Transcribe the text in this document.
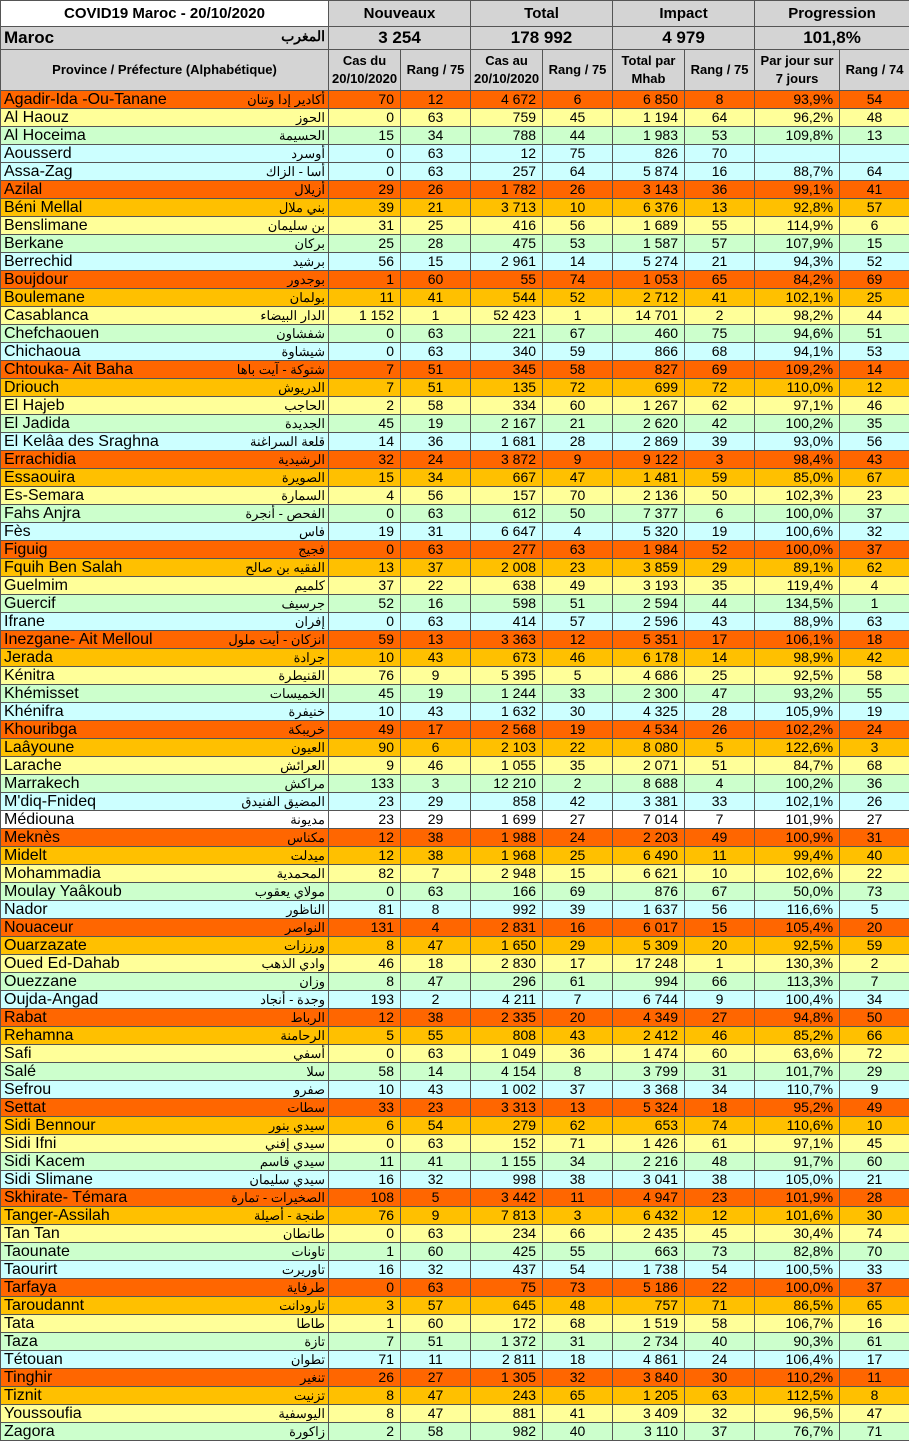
COVID19 Maroc - 20/10/2020	Nouveaux		Total		Impact		Progression	
Maroc المغرب	3 254		178 992		4 979		101,8%	
Province / Préfecture (Alphabétique)	Cas du 20/10/2020	Rang / 75	Cas au 20/10/2020	Rang / 75	Total par Mhab	Rang / 75	Par jour sur 7 jours	Rang / 74

Agadir-Ida -Ou-Tanane أكادير إدا وتنان	70	12	4 672	6	6 850	8	93,9%	54

Al Haouz الحوز	0	63	759	45	1 194	64	96,2%	48

Al Hoceima الحسيمة	15	34	788	44	1 983	53	109,8%	13

Aousserd أوسرد	0	63	12	75	826	70		

Assa-Zag أسا - الزاك	0	63	257	64	5 874	16	88,7%	64

Azilal أزيلال	29	26	1 782	26	3 143	36	99,1%	41

Béni Mellal بني ملال	39	21	3 713	10	6 376	13	92,8%	57

Benslimane بن سليمان	31	25	416	56	1 689	55	114,9%	6

Berkane بركان	25	28	475	53	1 587	57	107,9%	15

Berrechid برشيد	56	15	2 961	14	5 274	21	94,3%	52

Boujdour بوجدور	1	60	55	74	1 053	65	84,2%	69

Boulemane بولمان	11	41	544	52	2 712	41	102,1%	25

Casablanca الدار البيضاء	1 152	1	52 423	1	14 701	2	98,2%	44

Chefchaouen شفشاون	0	63	221	67	460	75	94,6%	51

Chichaoua شيشاوة	0	63	340	59	866	68	94,1%	53

Chtouka- Ait Baha شتوكة - آيت باها	7	51	345	58	827	69	109,2%	14

Driouch الدريوش	7	51	135	72	699	72	110,0%	12

El Hajeb الحاجب	2	58	334	60	1 267	62	97,1%	46

El Jadida الجديدة	45	19	2 167	21	2 620	42	100,2%	35

El Kelâa des Sraghna قلعة السراغنة	14	36	1 681	28	2 869	39	93,0%	56

Errachidia الرشيدية	32	24	3 872	9	9 122	3	98,4%	43

Essaouira الصويرة	15	34	667	47	1 481	59	85,0%	67

Es-Semara السمارة	4	56	157	70	2 136	50	102,3%	23

Fahs Anjra الفحص - أنجرة	0	63	612	50	7 377	6	100,0%	37

Fès فاس	19	31	6 647	4	5 320	19	100,6%	32

Figuig فجيج	0	63	277	63	1 984	52	100,0%	37

Fquih Ben Salah الفقيه بن صالح	13	37	2 008	23	3 859	29	89,1%	62

Guelmim كلميم	37	22	638	49	3 193	35	119,4%	4

Guercif جرسيف	52	16	598	51	2 594	44	134,5%	1

Ifrane إفران	0	63	414	57	2 596	43	88,9%	63

Inezgane- Ait Melloul انزكان - أيت ملول	59	13	3 363	12	5 351	17	106,1%	18

Jerada جرادة	10	43	673	46	6 178	14	98,9%	42

Kénitra القنيطرة	76	9	5 395	5	4 686	25	92,5%	58

Khémisset الخميسات	45	19	1 244	33	2 300	47	93,2%	55

Khénifra خنيفرة	10	43	1 632	30	4 325	28	105,9%	19

Khouribga خريبكة	49	17	2 568	19	4 534	26	102,2%	24

Laâyoune العيون	90	6	2 103	22	8 080	5	122,6%	3

Larache العرائش	9	46	1 055	35	2 071	51	84,7%	68

Marrakech مراكش	133	3	12 210	2	8 688	4	100,2%	36

M'diq-Fnideq المضيق الفنيدق	23	29	858	42	3 381	33	102,1%	26

Médiouna مديونة	23	29	1 699	27	7 014	7	101,9%	27

Meknès مكناس	12	38	1 988	24	2 203	49	100,9%	31

Midelt ميدلت	12	38	1 968	25	6 490	11	99,4%	40

Mohammadia المحمدية	82	7	2 948	15	6 621	10	102,6%	22

Moulay Yaâkoub مولاي يعقوب	0	63	166	69	876	67	50,0%	73

Nador الناظور	81	8	992	39	1 637	56	116,6%	5

Nouaceur النواصر	131	4	2 831	16	6 017	15	105,4%	20

Ouarzazate ورززات	8	47	1 650	29	5 309	20	92,5%	59

Oued Ed-Dahab وادي الذهب	46	18	2 830	17	17 248	1	130,3%	2

Ouezzane وزان	8	47	296	61	994	66	113,3%	7

Oujda-Angad وجدة - أنجاد	193	2	4 211	7	6 744	9	100,4%	34

Rabat الرباط	12	38	2 335	20	4 349	27	94,8%	50

Rehamna الرحامنة	5	55	808	43	2 412	46	85,2%	66

Safi أسفي	0	63	1 049	36	1 474	60	63,6%	72

Salé سلا	58	14	4 154	8	3 799	31	101,7%	29

Sefrou صفرو	10	43	1 002	37	3 368	34	110,7%	9

Settat سطات	33	23	3 313	13	5 324	18	95,2%	49

Sidi Bennour سيدي بنور	6	54	279	62	653	74	110,6%	10

Sidi Ifni سيدي إفني	0	63	152	71	1 426	61	97,1%	45

Sidi Kacem سيدي قاسم	11	41	1 155	34	2 216	48	91,7%	60

Sidi Slimane سيدي سليمان	16	32	998	38	3 041	38	105,0%	21

Skhirate- Témara الصخيرات - تمارة	108	5	3 442	11	4 947	23	101,9%	28

Tanger-Assilah طنجة - أصيلة	76	9	7 813	3	6 432	12	101,6%	30

Tan Tan طانطان	0	63	234	66	2 435	45	30,4%	74

Taounate تاونات	1	60	425	55	663	73	82,8%	70

Taourirt تاوريرت	16	32	437	54	1 738	54	100,5%	33

Tarfaya طرفاية	0	63	75	73	5 186	22	100,0%	37

Taroudannt تارودانت	3	57	645	48	757	71	86,5%	65

Tata طاطا	1	60	172	68	1 519	58	106,7%	16

Taza تازة	7	51	1 372	31	2 734	40	90,3%	61

Tétouan تطوان	71	11	2 811	18	4 861	24	106,4%	17

Tinghir تنغير	26	27	1 305	32	3 840	30	110,2%	11

Tiznit تزنيت	8	47	243	65	1 205	63	112,5%	8

Youssoufia اليوسفية	8	47	881	41	3 409	32	96,5%	47

Zagora زاكورة	2	58	982	40	3 110	37	76,7%	71
